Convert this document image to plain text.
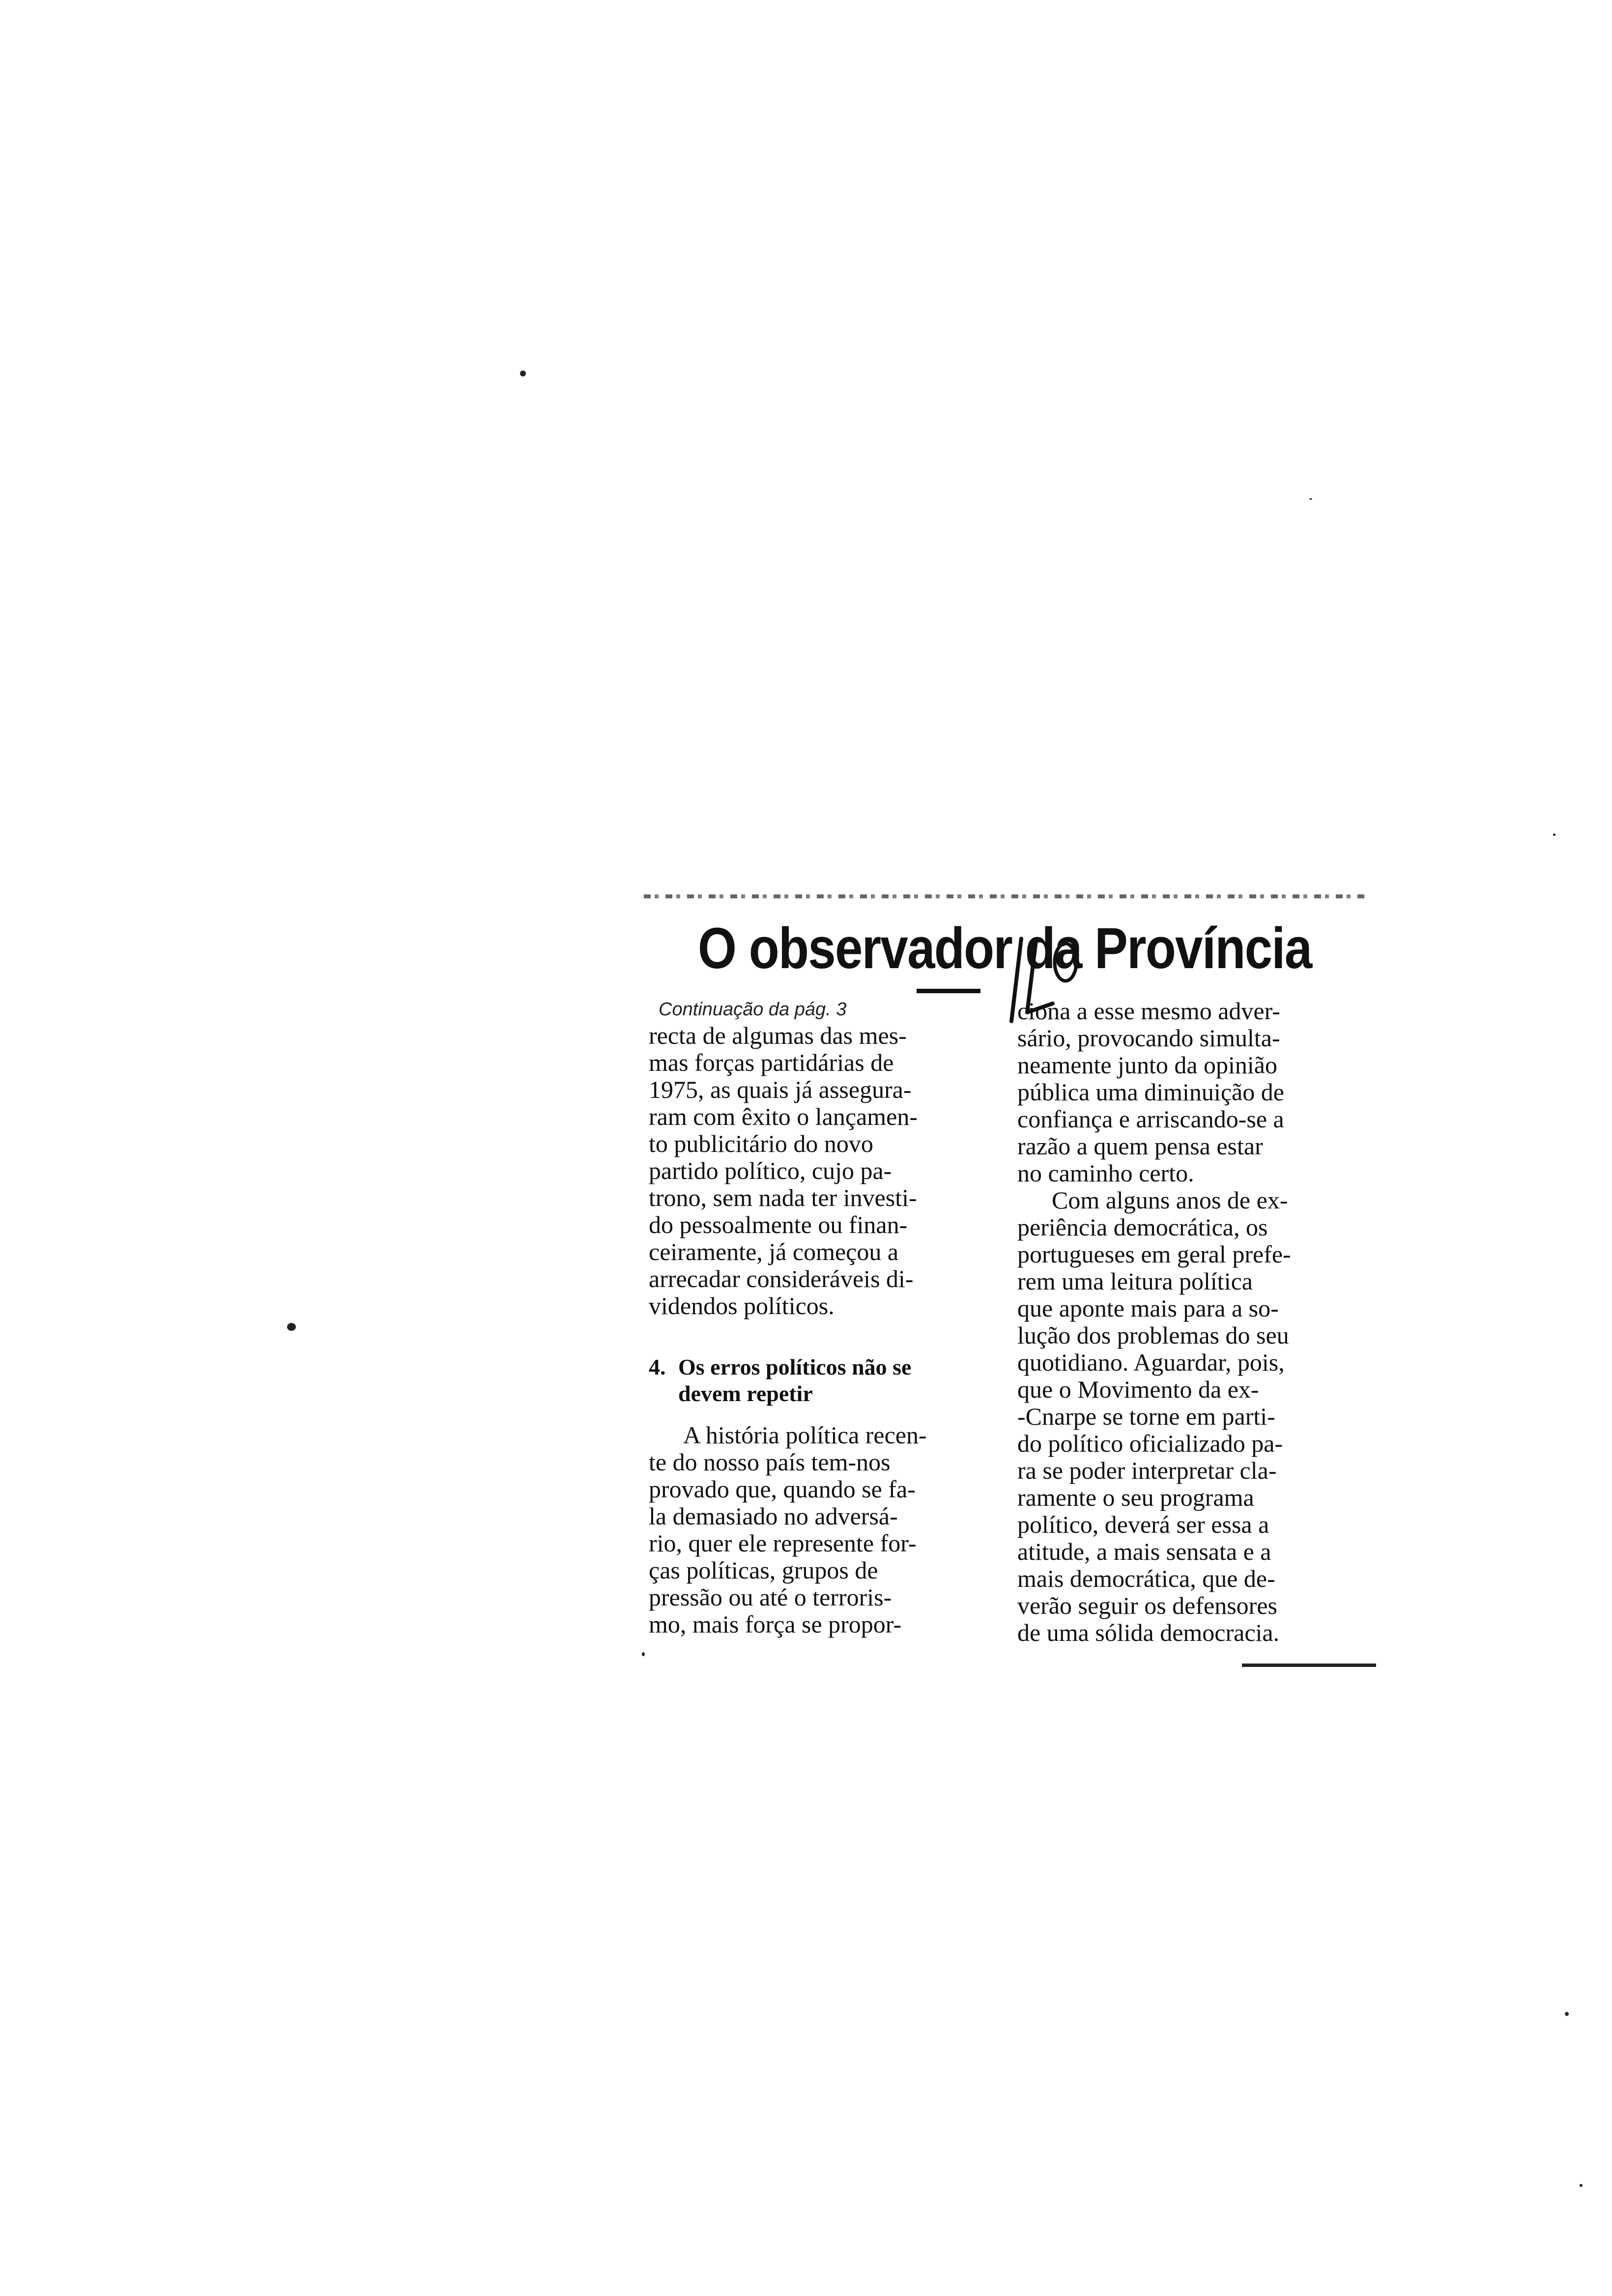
O observador da Província
Continuação da pág. 3

recta de algumas das mes-
mas forças partidárias de
1975, as quais já assegura-
ram com êxito o lançamen-
to publicitário do novo
partido político, cujo pa-
trono, sem nada ter investi-
do pessoalmente ou finan-
ceiramente, já começou a
arrecadar consideráveis di-
videndos políticos.

4. Os erros políticos não se
devem repetir

A história política recen-
te do nosso país tem-nos
provado que, quando se fa-
la demasiado no adversá-
rio, quer ele represente for-
ças políticas, grupos de
pressão ou até o terroris-
mo, mais força se propor-

ciona a esse mesmo adver-
sário, provocando simulta-
neamente junto da opinião
pública uma diminuição de
confiança e arriscando-se a
razão a quem pensa estar
no caminho certo.

Com alguns anos de ex-
periência democrática, os
portugueses em geral prefe-
rem uma leitura política
que aponte mais para a so-
lução dos problemas do seu
quotidiano. Aguardar, pois,
que o Movimento da ex-
-Cnarpe se torne em parti-
do político oficializado pa-
ra se poder interpretar cla-
ramente o seu programa
político, deverá ser essa a
atitude, a mais sensata e a
mais democrática, que de-
verão seguir os defensores
de uma sólida democracia.
